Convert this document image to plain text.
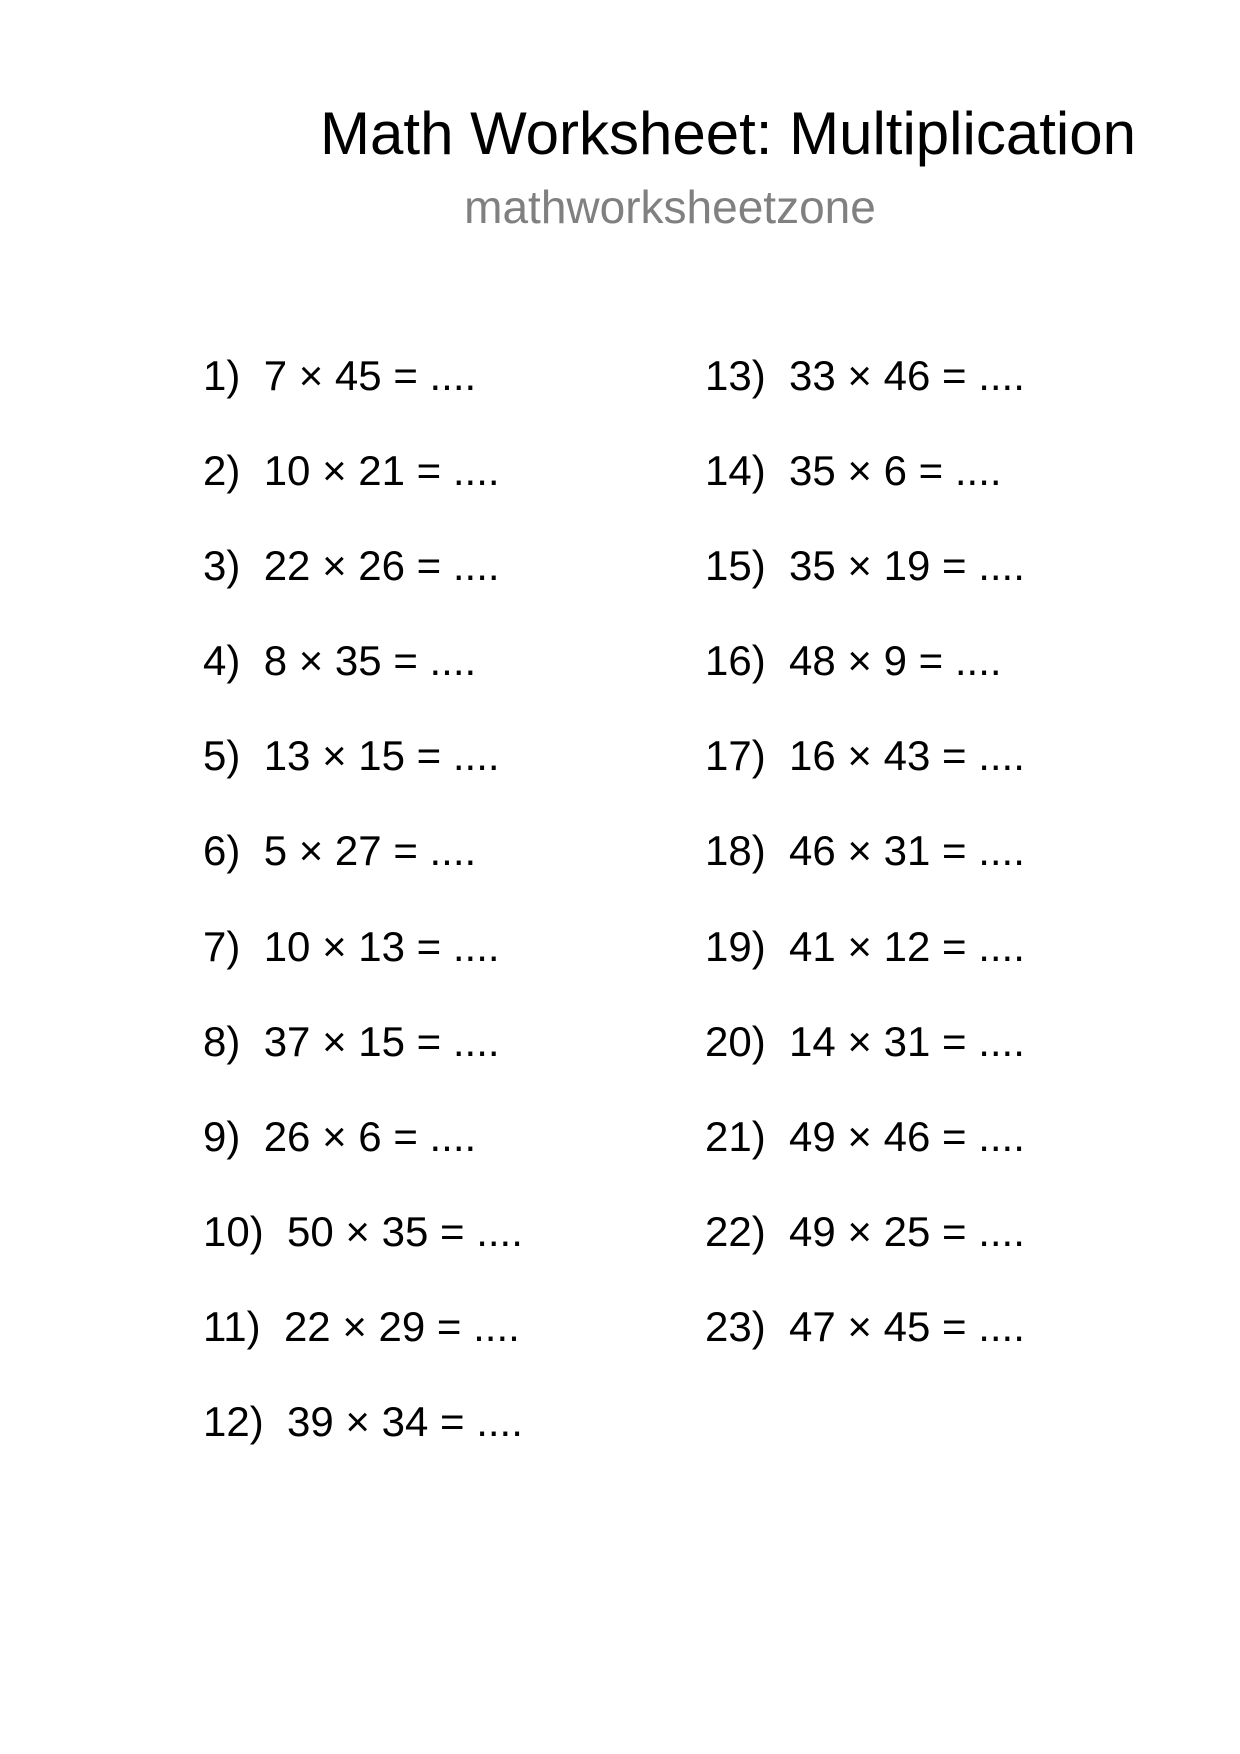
Math Worksheet: Multiplication
mathworksheetzone
1) 7 × 45 = ....
2) 10 × 21 = ....
3) 22 × 26 = ....
4) 8 × 35 = ....
5) 13 × 15 = ....
6) 5 × 27 = ....
7) 10 × 13 = ....
8) 37 × 15 = ....
9) 26 × 6 = ....
10) 50 × 35 = ....
11) 22 × 29 = ....
12) 39 × 34 = ....
13) 33 × 46 = ....
14) 35 × 6 = ....
15) 35 × 19 = ....
16) 48 × 9 = ....
17) 16 × 43 = ....
18) 46 × 31 = ....
19) 41 × 12 = ....
20) 14 × 31 = ....
21) 49 × 46 = ....
22) 49 × 25 = ....
23) 47 × 45 = ....
